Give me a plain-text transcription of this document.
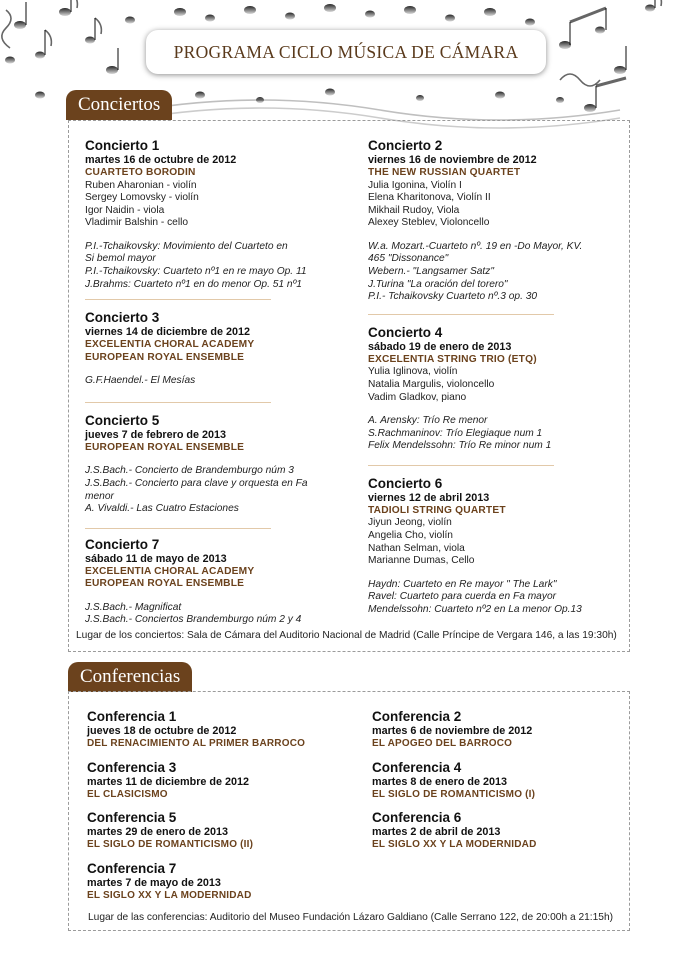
PROGRAMA CICLO MÚSICA DE CÁMARA
Conciertos
Concierto 1
martes 16 de octubre de 2012
CUARTETO BORODIN
Ruben Aharonian - violín
Sergey Lomovsky - violín
Igor Naidin - viola
Vladimir Balshin - cello
P.I.-Tchaikovsky: Movimiento del Cuarteto en
Si bemol mayor
P.I.-Tchaikovsky: Cuarteto nº1 en re mayo Op. 11
J.Brahms: Cuarteto nº1 en do menor Op. 51 nº1
Concierto 3
viernes 14 de diciembre de 2012
EXCELENTIA CHORAL ACADEMY
EUROPEAN ROYAL ENSEMBLE
G.F.Haendel.- El Mesías
Concierto 5
jueves 7 de febrero de 2013
EUROPEAN ROYAL ENSEMBLE
J.S.Bach.- Concierto de Brandemburgo núm 3
J.S.Bach.- Concierto para clave y orquesta en Fa
menor
A. Vivaldi.- Las Cuatro Estaciones
Concierto 7
sábado 11 de mayo de 2013
EXCELENTIA CHORAL ACADEMY
EUROPEAN ROYAL ENSEMBLE
J.S.Bach.- Magnificat
J.S.Bach.- Conciertos Brandemburgo núm 2 y 4
Concierto 2
viernes 16 de noviembre de 2012
THE NEW RUSSIAN QUARTET
Julia Igonina, Violín I
Elena Kharitonova, Violín II
Mikhail Rudoy, Viola
Alexey Steblev, Violoncello
W.a. Mozart.-Cuarteto nº. 19 en -Do Mayor, KV.
465 "Dissonance"
Webern.- "Langsamer Satz"
J.Turina "La oración del torero"
P.I.- Tchaikovsky Cuarteto nº.3 op. 30
Concierto 4
sábado 19 de enero de 2013
EXCELENTIA STRING TRIO (ETQ)
Yulia Iglinova, violín
Natalia Margulis, violoncello
Vadim Gladkov, piano
A. Arensky: Trío Re menor
S.Rachmaninov: Trío Elegiaque num 1
Felix Mendelssohn: Trío Re minor num 1
Concierto 6
viernes 12 de abril 2013
TADIOLI STRING QUARTET
Jiyun Jeong, violín
Angelia Cho, violín
Nathan Selman, viola
Marianne Dumas, Cello
Haydn: Cuarteto en Re mayor " The Lark"
Ravel: Cuarteto para cuerda en Fa mayor
Mendelssohn: Cuarteto nº2 en La menor Op.13
Lugar de los conciertos: Sala de Cámara del Auditorio Nacional de Madrid (Calle Príncipe de Vergara 146, a las 19:30h)
Conferencias
Conferencia 1
jueves 18 de octubre de 2012
DEL RENACIMIENTO AL PRIMER BARROCO
Conferencia 3
martes 11 de diciembre de 2012
EL CLASICISMO
Conferencia 5
martes 29 de enero de 2013
EL SIGLO DE ROMANTICISMO (II)
Conferencia 7
martes 7 de mayo de 2013
EL SIGLO XX Y LA MODERNIDAD
Conferencia 2
martes 6 de noviembre de 2012
EL APOGEO DEL BARROCO
Conferencia 4
martes 8 de enero de 2013
EL SIGLO DE ROMANTICISMO (I)
Conferencia 6
martes 2 de abril de 2013
EL SIGLO XX Y LA MODERNIDAD
Lugar de las conferencias: Auditorio del Museo Fundación Lázaro Galdiano (Calle Serrano 122, de 20:00h a 21:15h)
